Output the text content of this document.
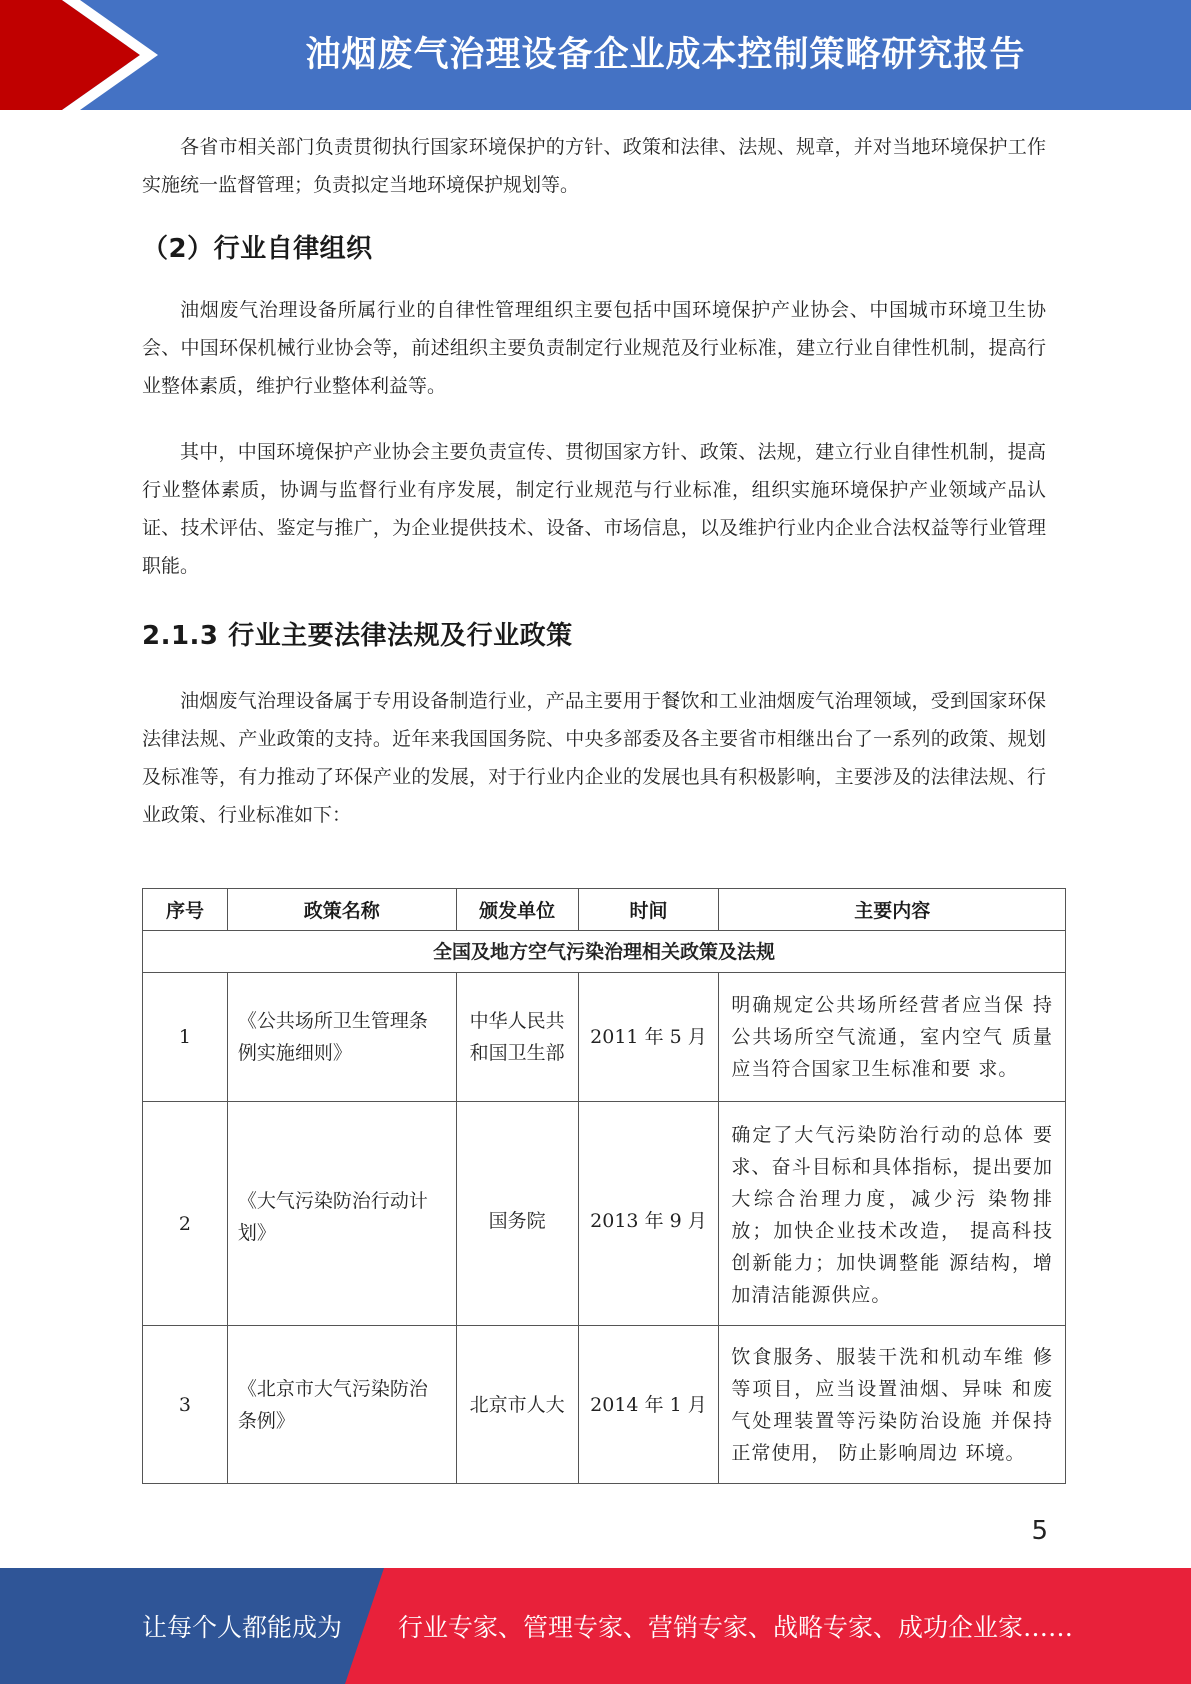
油烟废气治理设备企业成本控制策略研究报告

各省市相关部门负责贯彻执行国家环境保护的方针、政策和法律、法规、规章，并对当地环境保护工作实施统一监督管理；负责拟定当地环境保护规划等。

（2）行业自律组织

油烟废气治理设备所属行业的自律性管理组织主要包括中国环境保护产业协会、中国城市环境卫生协会、中国环保机械行业协会等，前述组织主要负责制定行业规范及行业标准，建立行业自律性机制，提高行业整体素质，维护行业整体利益等。

其中，中国环境保护产业协会主要负责宣传、贯彻国家方针、政策、法规，建立行业自律性机制，提高行业整体素质，协调与监督行业有序发展，制定行业规范与行业标准，组织实施环境保护产业领域产品认证、技术评估、鉴定与推广，为企业提供技术、设备、市场信息，以及维护行业内企业合法权益等行业管理职能。

2.1.3 行业主要法律法规及行业政策

油烟废气治理设备属于专用设备制造行业，产品主要用于餐饮和工业油烟废气治理领域，受到国家环保法律法规、产业政策的支持。近年来我国国务院、中央多部委及各主要省市相继出台了一系列的政策、规划及标准等，有力推动了环保产业的发展，对于行业内企业的发展也具有积极影响，主要涉及的法律法规、行业政策、行业标准如下：

序号	政策名称	颁发单位	时间	主要内容
全国及地方空气污染治理相关政策及法规				
1	《公共场所卫生管理条例实施细则》	中华人民共和国卫生部	2011 年 5 月	明确规定公共场所经营者应当保 持公共场所空气流通，室内空气 质量应当符合国家卫生标准和要 求。
2	《大气污染防治行动计划》	国务院	2013 年 9 月	确定了大气污染防治行动的总体 要求、奋斗目标和具体指标，提出要加大综合治理力度，减少污 染物排放；加快企业技术改造， 提高科技创新能力；加快调整能 源结构，增加清洁能源供应。
3	《北京市大气污染防治条例》	北京市人大	2014 年 1 月	饮食服务、服装干洗和机动车维 修等项目，应当设置油烟、异味 和废气处理装置等污染防治设施 并保持正常使用， 防止影响周边 环境。
5
让每个人都能成为 行业专家、管理专家、营销专家、战略专家、成功企业家……
